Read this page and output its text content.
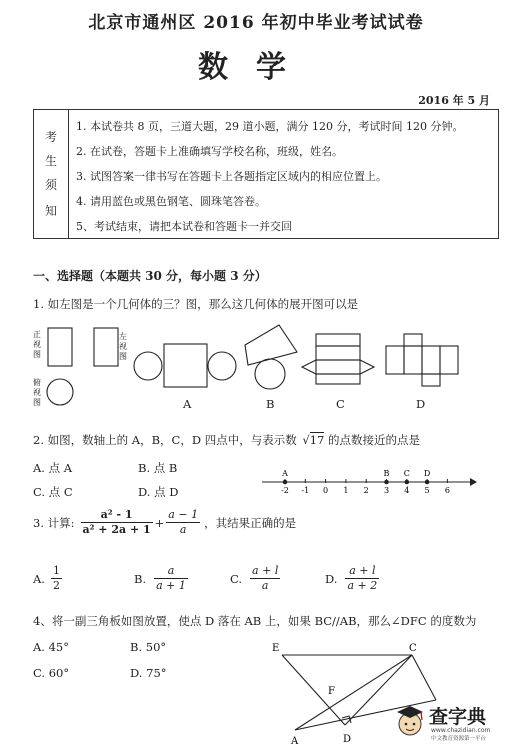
北京市通州区 2016 年初中毕业考试试卷
数学
2016 年 5 月
考
生
须
知
1. 本试卷共 8 页，三道大题，29 道小题，满分 120 分，考试时间 120 分钟。
2. 在试卷，答题卡上准确填写学校名称，班级，姓名。
3. 试图答案一律书写在答题卡上各题指定区域内的相应位置上。
4. 请用蓝色或黑色钢笔、圆珠笔答卷。
5、考试结束，请把本试卷和答题卡一并交回
一、选择题（本题共 30 分，每小题 3 分）
1. 如左图是一个几何体的三？图，那么这几何体的展开图可以是
正
视
图
左
视
图
俯
视
图	A	B	C	D
2. 如图，数轴上的 A，B，C，D 四点中，与表示数 √17 的点数接近的点是
A. 点 A	B. 点 B
C. 点 C	D. 点 D	-2 -1 0 1 2 3 4 5 6
A	B C D
3. 计算: $\frac{\text{a² - 1}}{\text{a² + 2a + 1}} + \frac{a - 1}{a}$ ，其结果正确的是
A. $\frac{1}{2}$	B. $\frac{a}{a + 1}$	C. $\frac{a + l}{a}$	D. $\frac{a + l}{a + 2}$
4、将一副三角板如图放置，使点 D 落在 AB 上，如果 BC//AB，那么∠DFC 的度数为
A. 45°	B. 50°
C. 60°	D. 75°
E	C
F
A	D
查字典
www.chazidian.com
中文教育资源第一平台
